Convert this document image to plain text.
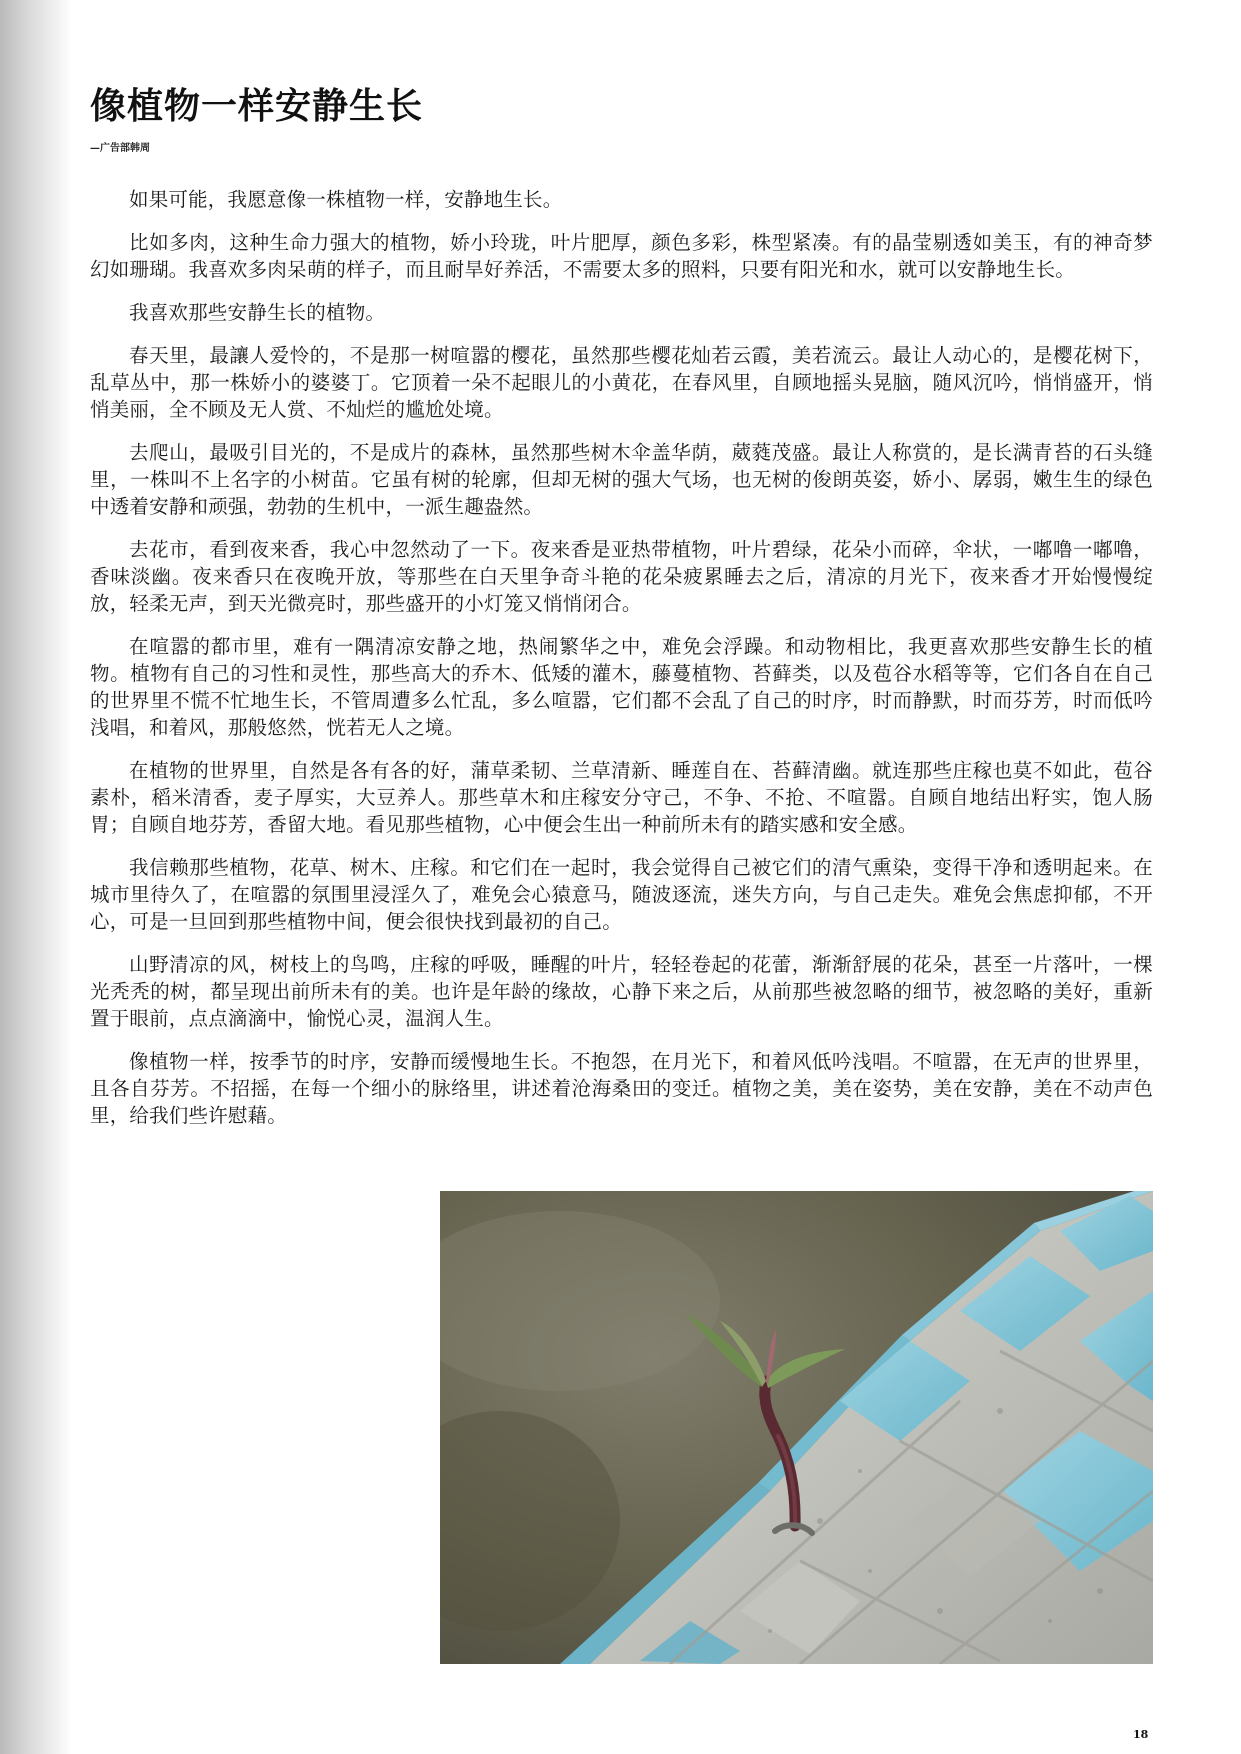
像植物一样安静生长

—广告部韩周

如果可能，我愿意像一株植物一样，安静地生长。

比如多肉，这种生命力强大的植物，娇小玲珑，叶片肥厚，颜色多彩，株型紧凑。有的晶莹剔透如美玉，有的神奇梦幻如珊瑚。我喜欢多肉呆萌的样子，而且耐旱好养活，不需要太多的照料，只要有阳光和水，就可以安静地生长。

我喜欢那些安静生长的植物。

春天里，最讓人爱怜的，不是那一树喧嚣的樱花，虽然那些樱花灿若云霞，美若流云。最让人动心的，是樱花树下，乱草丛中，那一株娇小的婆婆丁。它顶着一朵不起眼儿的小黄花，在春风里，自顾地摇头晃脑，随风沉吟，悄悄盛开，悄悄美丽，全不顾及无人赏、不灿烂的尴尬处境。

去爬山，最吸引目光的，不是成片的森林，虽然那些树木伞盖华荫，葳蕤茂盛。最让人称赏的，是长满青苔的石头缝里，一株叫不上名字的小树苗。它虽有树的轮廓，但却无树的强大气场，也无树的俊朗英姿，娇小、孱弱，嫩生生的绿色中透着安静和顽强，勃勃的生机中，一派生趣盎然。

去花市，看到夜来香，我心中忽然动了一下。夜来香是亚热带植物，叶片碧绿，花朵小而碎，伞状，一嘟噜一嘟噜，香味淡幽。夜来香只在夜晚开放，等那些在白天里争奇斗艳的花朵疲累睡去之后，清凉的月光下，夜来香才开始慢慢绽放，轻柔无声，到天光微亮时，那些盛开的小灯笼又悄悄闭合。

在喧嚣的都市里，难有一隅清凉安静之地，热闹繁华之中，难免会浮躁。和动物相比，我更喜欢那些安静生长的植物。植物有自己的习性和灵性，那些高大的乔木、低矮的灌木，藤蔓植物、苔藓类，以及苞谷水稻等等，它们各自在自己的世界里不慌不忙地生长，不管周遭多么忙乱，多么喧嚣，它们都不会乱了自己的时序，时而静默，时而芬芳，时而低吟浅唱，和着风，那般悠然，恍若无人之境。

在植物的世界里，自然是各有各的好，蒲草柔韧、兰草清新、睡莲自在、苔藓清幽。就连那些庄稼也莫不如此，苞谷素朴，稻米清香，麦子厚实，大豆养人。那些草木和庄稼安分守己，不争、不抢、不喧嚣。自顾自地结出籽实，饱人肠胃；自顾自地芬芳，香留大地。看见那些植物，心中便会生出一种前所未有的踏实感和安全感。

我信赖那些植物，花草、树木、庄稼。和它们在一起时，我会觉得自己被它们的清气熏染，变得干净和透明起来。在城市里待久了，在喧嚣的氛围里浸淫久了，难免会心猿意马，随波逐流，迷失方向，与自己走失。难免会焦虑抑郁，不开心，可是一旦回到那些植物中间，便会很快找到最初的自己。

山野清凉的风，树枝上的鸟鸣，庄稼的呼吸，睡醒的叶片，轻轻卷起的花蕾，渐渐舒展的花朵，甚至一片落叶，一棵光秃秃的树，都呈现出前所未有的美。也许是年龄的缘故，心静下来之后，从前那些被忽略的细节，被忽略的美好，重新置于眼前，点点滴滴中，愉悦心灵，温润人生。

像植物一样，按季节的时序，安静而缓慢地生长。不抱怨，在月光下，和着风低吟浅唱。不喧嚣，在无声的世界里，且各自芬芳。不招摇，在每一个细小的脉络里，讲述着沧海桑田的变迁。植物之美，美在姿势，美在安静，美在不动声色里，给我们些许慰藉。

18
